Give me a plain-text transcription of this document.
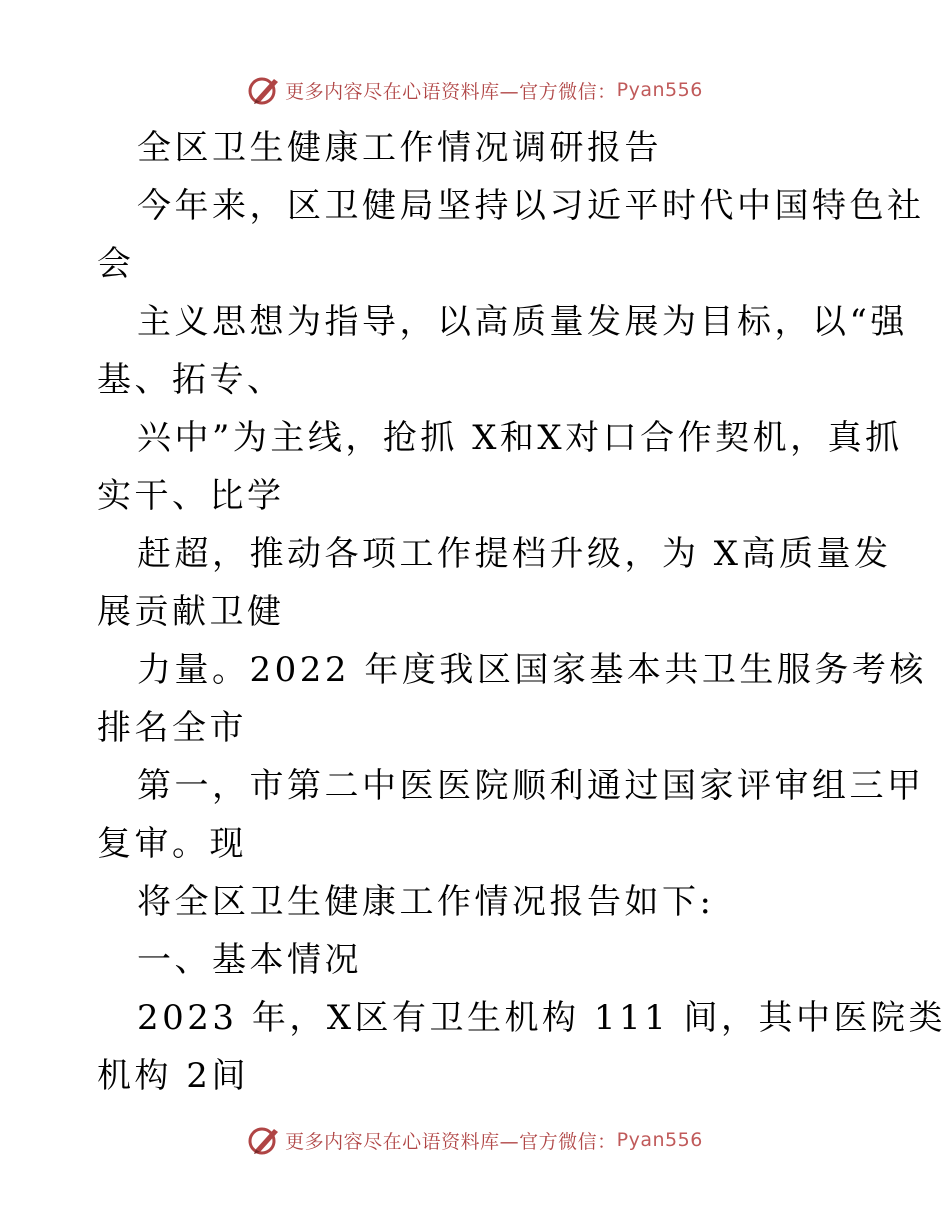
更多内容尽在心语资料库—官方微信： Pyan556
全区卫生健康工作情况调研报告
今年来，区卫健局坚持以习近平时代中国特色社
会
主义思想为指导，以高质量发展为目标，以“强
基、拓专、
兴中”为主线，抢抓 X和X对口合作契机，真抓
实干、比学
赶超，推动各项工作提档升级，为 X高质量发
展贡献卫健
力量。2022 年度我区国家基本共卫生服务考核
排名全市
第一，市第二中医医院顺利通过国家评审组三甲
复审。现
将全区卫生健康工作情况报告如下:
一、基本情况
2023 年，X区有卫生机构 111 间，其中医院类
机构 2间
更多内容尽在心语资料库—官方微信： Pyan556
